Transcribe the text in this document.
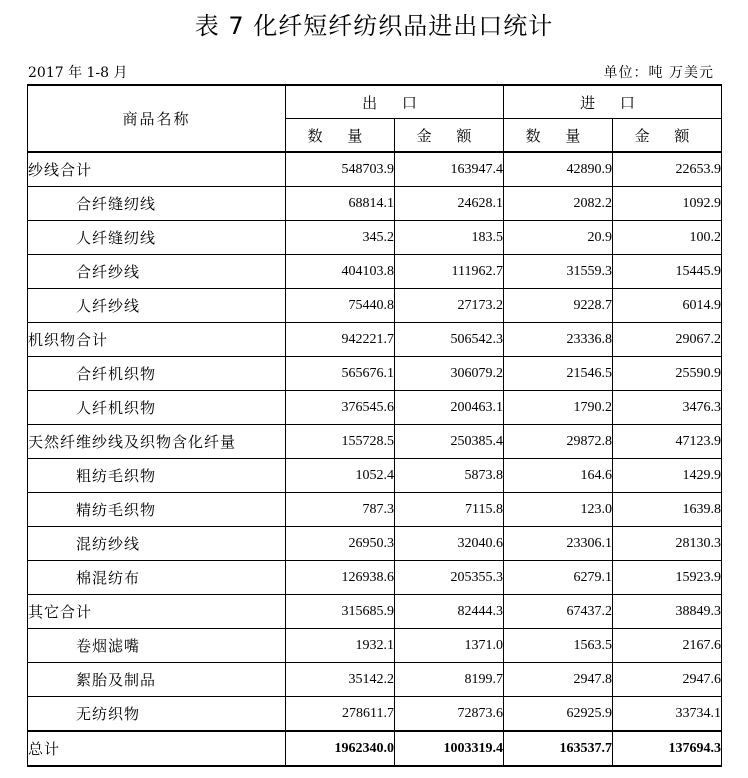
表 7 化纤短纤纺织品进出口统计
2017 年 1-8 月	单位：吨 万美元
商品名称	出 口		进 口	
	数 量	金 额	数 量	金 额
纱线合计	548703.9	163947.4	42890.9	22653.9
合纤缝纫线	68814.1	24628.1	2082.2	1092.9
人纤缝纫线	345.2	183.5	20.9	100.2
合纤纱线	404103.8	111962.7	31559.3	15445.9
人纤纱线	75440.8	27173.2	9228.7	6014.9
机织物合计	942221.7	506542.3	23336.8	29067.2
合纤机织物	565676.1	306079.2	21546.5	25590.9
人纤机织物	376545.6	200463.1	1790.2	3476.3
天然纤维纱线及织物含化纤量	155728.5	250385.4	29872.8	47123.9
粗纺毛织物	1052.4	5873.8	164.6	1429.9
精纺毛织物	787.3	7115.8	123.0	1639.8
混纺纱线	26950.3	32040.6	23306.1	28130.3
棉混纺布	126938.6	205355.3	6279.1	15923.9
其它合计	315685.9	82444.3	67437.2	38849.3
卷烟滤嘴	1932.1	1371.0	1563.5	2167.6
絮胎及制品	35142.2	8199.7	2947.8	2947.6
无纺织物	278611.7	72873.6	62925.9	33734.1
总计	1962340.0	1003319.4	163537.7	137694.3
